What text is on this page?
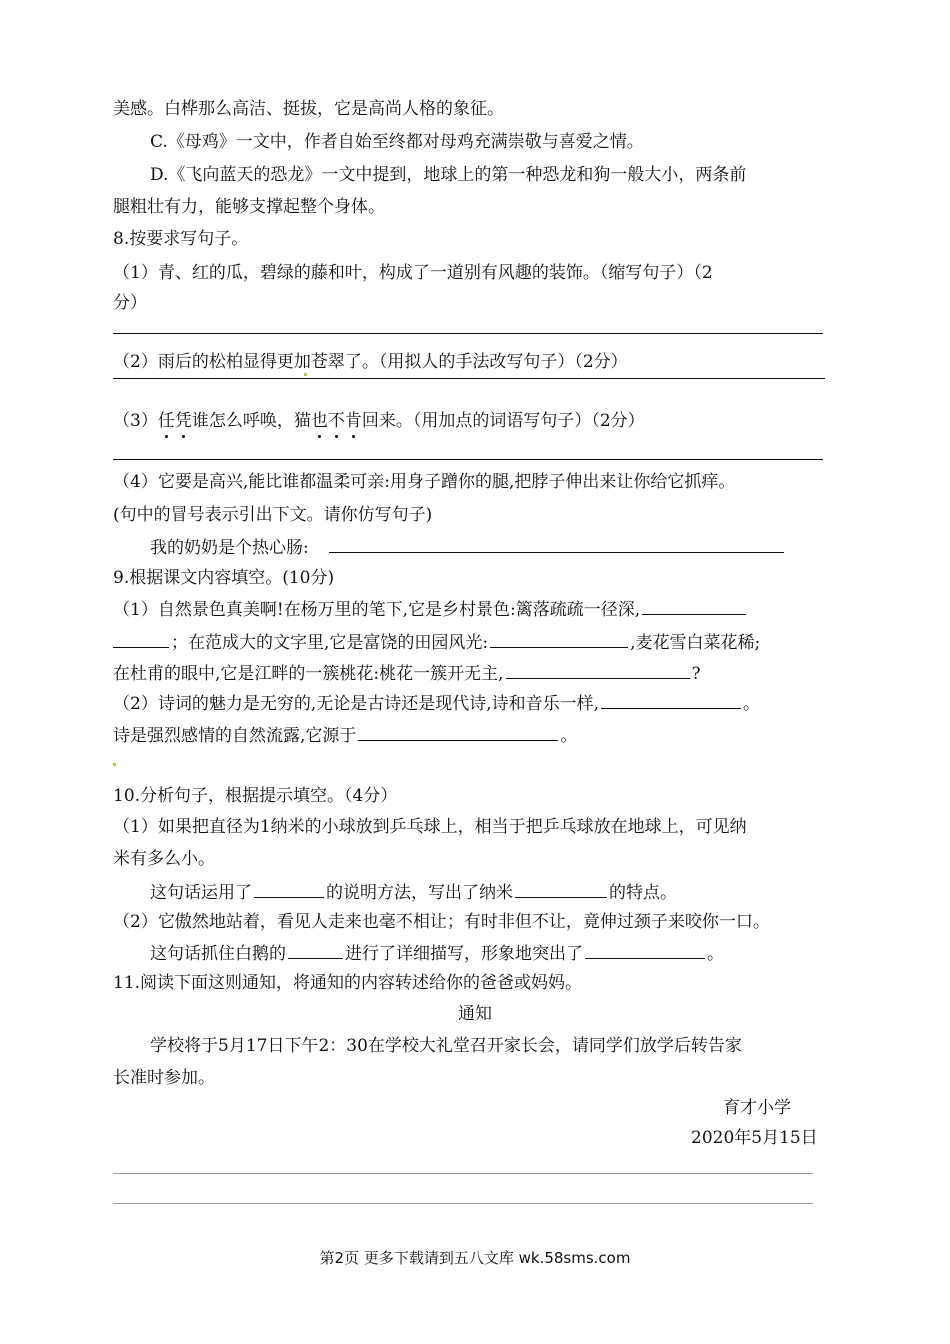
美感。白桦那么高洁、挺拔，它是高尚人格的象征。
C.《母鸡》一文中，作者自始至终都对母鸡充满崇敬与喜爱之情。
D.《飞向蓝天的恐龙》一文中提到，地球上的第一种恐龙和狗一般大小，两条前
腿粗壮有力，能够支撑起整个身体。
8.按要求写句子。
（1）青、红的瓜，碧绿的藤和叶，构成了一道别有风趣的装饰。（缩写句子）（2
分）
（2）雨后的松柏显得更加苍翠了。（用拟人的手法改写句子）（2分）
（3）任凭谁怎么呼唤，猫也不肯回来。（用加点的词语写句子）（2分）
（4）它要是高兴,能比谁都温柔可亲:用身子蹭你的腿,把脖子伸出来让你给它抓痒。
(句中的冒号表示引出下文。请你仿写句子)
我的奶奶是个热心肠:
9.根据课文内容填空。(10分)
（1）自然景色真美啊!在杨万里的笔下,它是乡村景色:篱落疏疏一径深,
；在范成大的文字里,它是富饶的田园风光:	,麦花雪白菜花稀;
在杜甫的眼中,它是江畔的一簇桃花:桃花一簇开无主,	?
（2）诗词的魅力是无穷的,无论是古诗还是现代诗,诗和音乐一样,	。
诗是强烈感情的自然流露,它源于	。
10.分析句子，根据提示填空。（4分）
（1）如果把直径为1纳米的小球放到乒乓球上，相当于把乒乓球放在地球上，可见纳
米有多么小。
这句话运用了	的说明方法，写出了纳米	的特点。
（2）它傲然地站着，看见人走来也毫不相让；有时非但不让，竟伸过颈子来咬你一口。
这句话抓住白鹅的	进行了详细描写，形象地突出了	。
11.阅读下面这则通知，将通知的内容转述给你的爸爸或妈妈。
通知
学校将于5月17日下午2：30在学校大礼堂召开家长会，请同学们放学后转告家
长准时参加。
育才小学
2020年5月15日
第2页 更多下载请到五八文库 wk.58sms.com
